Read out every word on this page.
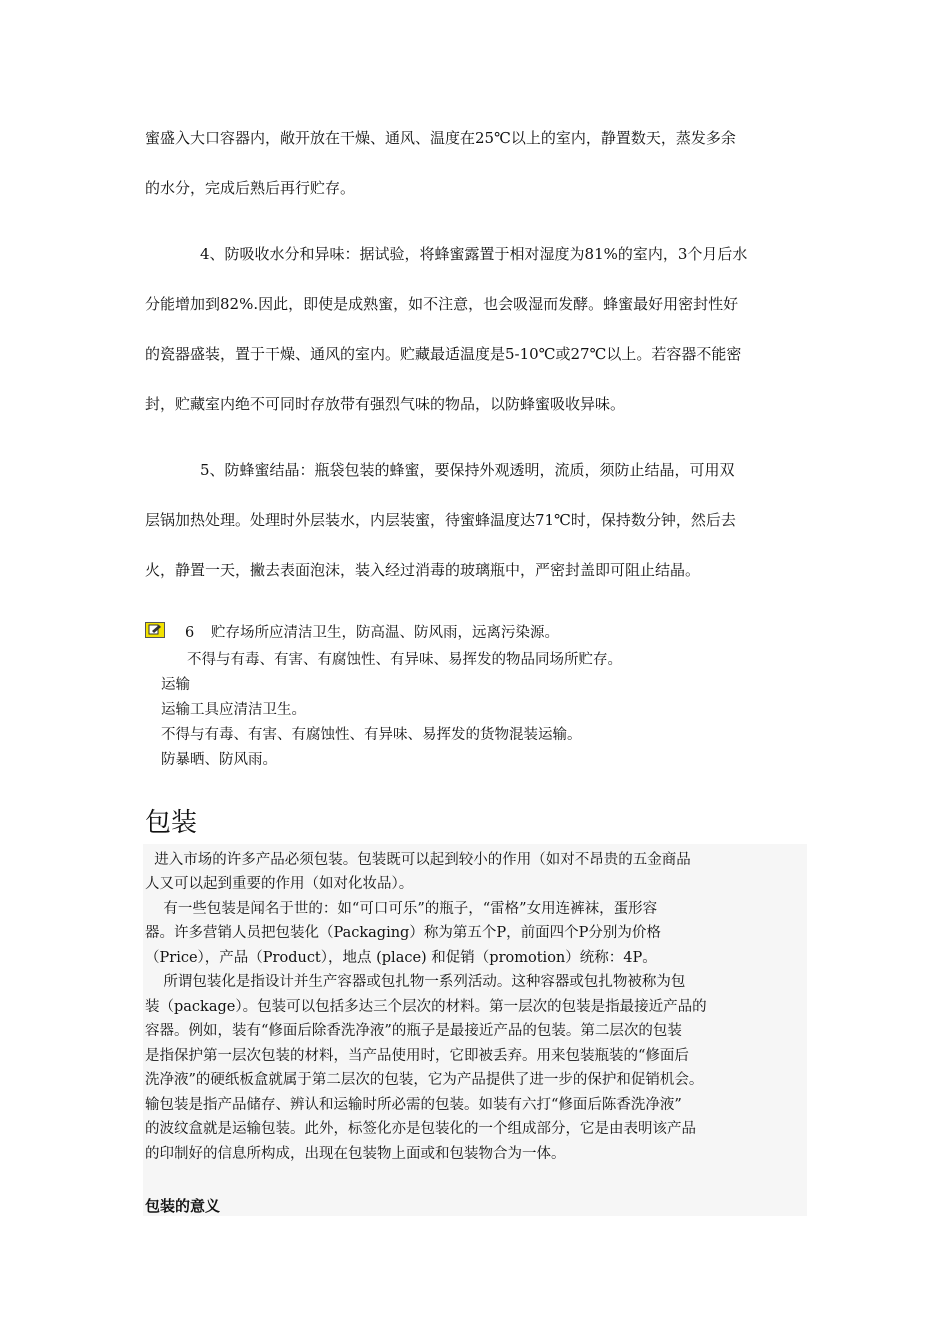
蜜盛入大口容器内，敞开放在干燥、通风、温度在25℃以上的室内，静置数天，蒸发多余
的水分，完成后熟后再行贮存。
4、防吸收水分和异味：据试验，将蜂蜜露置于相对湿度为81%的室内，3个月后水
分能增加到82%.因此，即使是成熟蜜，如不注意，也会吸湿而发酵。蜂蜜最好用密封性好
的瓷器盛装，置于干燥、通风的室内。贮藏最适温度是5-10℃或27℃以上。若容器不能密
封，贮藏室内绝不可同时存放带有强烈气味的物品，以防蜂蜜吸收异味。
5、防蜂蜜结晶：瓶袋包装的蜂蜜，要保持外观透明，流质，须防止结晶，可用双
层锅加热处理。处理时外层装水，内层装蜜，待蜜蜂温度达71℃时，保持数分钟，然后去
火，静置一天，撇去表面泡沫，装入经过消毒的玻璃瓶中，严密封盖即可阻止结晶。
6 贮存场所应清洁卫生，防高温、防风雨，远离污染源。
不得与有毒、有害、有腐蚀性、有异味、易挥发的物品同场所贮存。
运输
运输工具应清洁卫生。
不得与有毒、有害、有腐蚀性、有异味、易挥发的货物混装运输。
防暴晒、防风雨。
包装
进入市场的许多产品必须包装。包装既可以起到较小的作用（如对不昂贵的五金商品
人又可以起到重要的作用（如对化妆品）。
有一些包装是闻名于世的：如“可口可乐”的瓶子，“雷格”女用连裤袜，蛋形容
器。许多营销人员把包装化（Packaging）称为第五个P，前面四个P分别为价格
（Price），产品（Product），地点 (place) 和促销（promotion）统称：4P。
所谓包装化是指设计并生产容器或包扎物一系列活动。这种容器或包扎物被称为包
装（package）。包装可以包括多达三个层次的材料。第一层次的包装是指最接近产品的
容器。例如，装有“修面后除香洗净液”的瓶子是最接近产品的包装。第二层次的包装
是指保护第一层次包装的材料，当产品使用时，它即被丢弃。用来包装瓶装的“修面后
洗净液”的硬纸板盒就属于第二层次的包装，它为产品提供了进一步的保护和促销机会。
输包装是指产品储存、辨认和运输时所必需的包装。如装有六打“修面后陈香洗净液”
的波纹盒就是运输包装。此外，标签化亦是包装化的一个组成部分，它是由表明该产品
的印制好的信息所构成，出现在包装物上面或和包装物合为一体。
包装的意义
